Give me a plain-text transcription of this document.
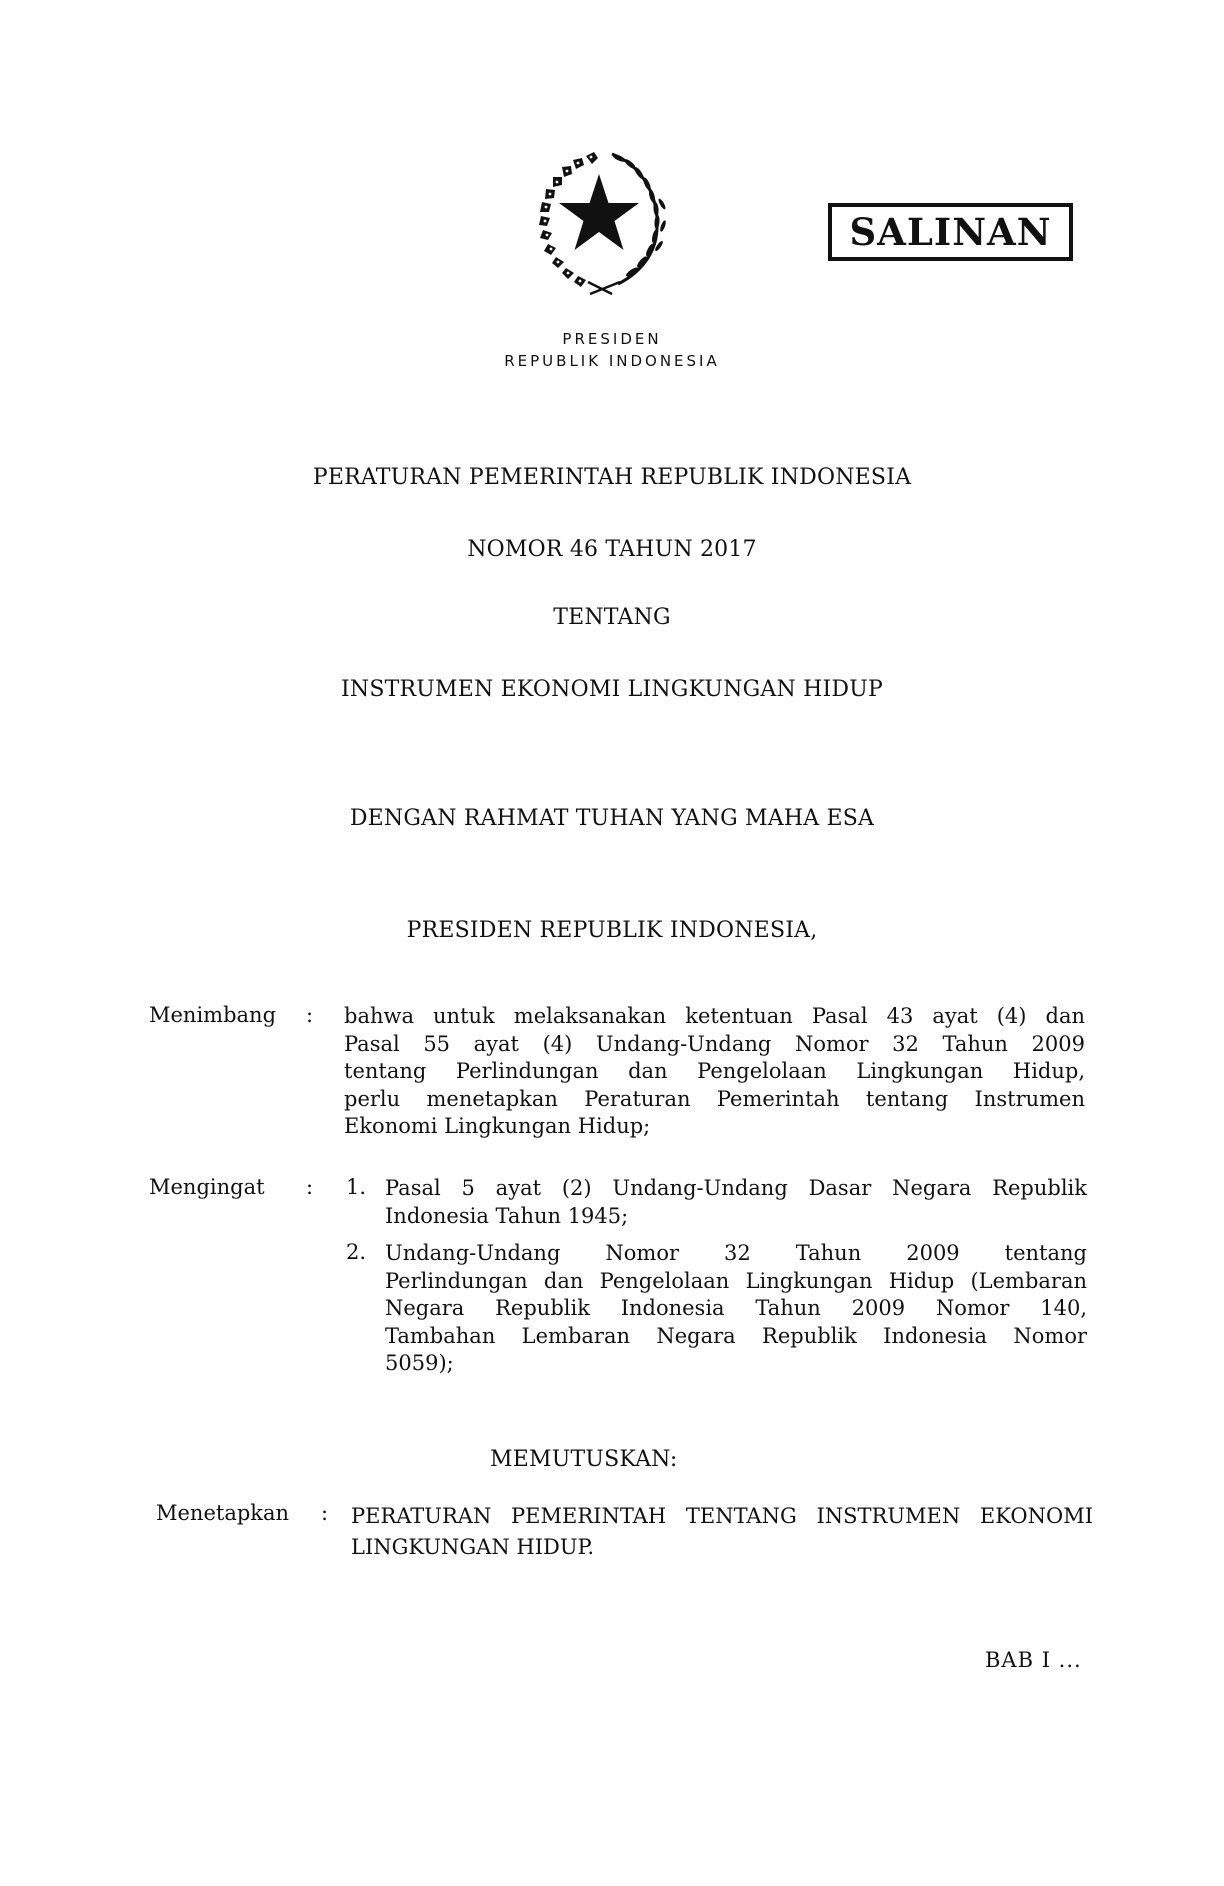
SALINAN
PRESIDEN
REPUBLIK INDONESIA
PERATURAN PEMERINTAH REPUBLIK INDONESIA
NOMOR 46 TAHUN 2017
TENTANG
INSTRUMEN EKONOMI LINGKUNGAN HIDUP
DENGAN RAHMAT TUHAN YANG MAHA ESA
PRESIDEN REPUBLIK INDONESIA,
Menimbang : bahwa untuk melaksanakan ketentuan Pasal 43 ayat (4) dan
Pasal 55 ayat (4) Undang-Undang Nomor 32 Tahun 2009
tentang Perlindungan dan Pengelolaan Lingkungan Hidup,
perlu menetapkan Peraturan Pemerintah tentang Instrumen
Ekonomi Lingkungan Hidup;
Mengingat : 1. Pasal 5 ayat (2) Undang-Undang Dasar Negara Republik
Indonesia Tahun 1945;
2. Undang-Undang Nomor 32 Tahun 2009 tentang
Perlindungan dan Pengelolaan Lingkungan Hidup (Lembaran
Negara Republik Indonesia Tahun 2009 Nomor 140,
Tambahan Lembaran Negara Republik Indonesia Nomor
5059);
MEMUTUSKAN:
Menetapkan : PERATURAN PEMERINTAH TENTANG INSTRUMEN EKONOMI
LINGKUNGAN HIDUP.
BAB I ...
